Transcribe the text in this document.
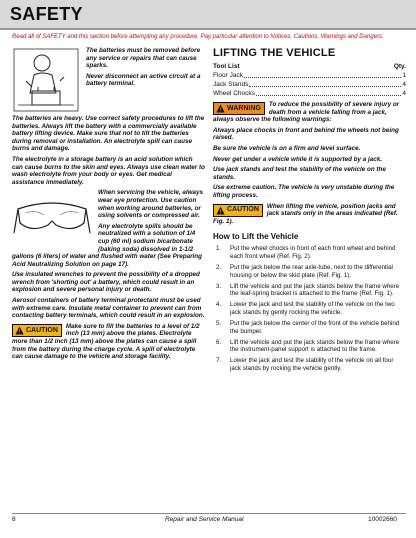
SAFETY
Read all of SAFETY and this section before attempting any procedure. Pay particular attention to Notices, Cautions, Warnings and Dangers.

The batteries must be removed before any service or repairs that can cause sparks.

Never disconnect an active circuit at a battery terminal.

The batteries are heavy. Use correct safety procedures to lift the batteries. Always lift the battery with a commercially available battery lifting device. Make sure that not to tilt the batteries during removal or installation. An electrolyte spill can cause burns and damage.

The electrolyte in a storage battery is an acid solution which can cause burns to the skin and eyes. Always use clean water to wash electrolyte from your body or eyes. Get medical assistance immediately.

When servicing the vehicle, always wear eye protection. Use caution when working around batteries, or using solvents or compressed air.

Any electrolyte spills should be neutralized with a solution of 1/4 cup (60 ml) sodium bicarbonate (baking soda) dissolved in 1-1/2 gallons (6 liters) of water and flushed with water (See Preparing Acid Neutralizing Solution on page 17).

Use insulated wrenches to prevent the possibility of a dropped wrench from 'shorting out' a battery, which could result in an explosion and severe personal injury or death.

Aerosol containers of battery terminal protectant must be used with extreme care. Insulate metal container to prevent can from contacting battery terminals, which could result in an explosion.

! CAUTION
Make sure to fill the batteries to a level of 1/2 inch (13 mm) above the plates. Electrolyte more than 1/2 inch (13 mm) above the plates can cause a spill from the battery during the charge cycle. A spill of electrolyte can cause damage to the vehicle and storage facility.
LIFTING THE VEHICLE
Tool List	Qty.
Floor Jack	1
Jack Stands	4
Wheel Chocks	4
! WARNING
To reduce the possibility of severe injury or death from a vehicle falling from a jack, always observe the following warnings:

Always place chocks in front and behind the wheels not being raised.

Be sure the vehicle is on a firm and level surface.

Never get under a vehicle while it is supported by a jack.

Use jack stands and test the stability of the vehicle on the stands.

Use extreme caution. The vehicle is very unstable during the lifting process.

! CAUTION
When lifting the vehicle, position jacks and jack stands only in the areas indicated (Ref. Fig. 1).
How to Lift the Vehicle
1.	Put the wheel chocks in front of each front wheel and behind each front wheel (Ref. Fig. 2).
2.	Put the jack below the rear axle-tube, next to the differential housing or below the skid plate (Ref. Fig. 1).
3.	Lift the vehicle and put the jack stands below the frame where the leaf-spring bracket is attached to the frame (Ref. Fig. 1).
4.	Lower the jack and test the stability of the vehicle on the two jack stands by gently rocking the vehicle.
5.	Put the jack below the center of the front of the vehicle behind the bumper.
6.	Lift the vehicle and put the jack stands below the frame where the instrument-panel support is attached to the frame.
7.	Lower the jack and test the stability of the vehicle on all four jack stands by rocking the vehicle gently.
8	Repair and Service Manual	10002660
